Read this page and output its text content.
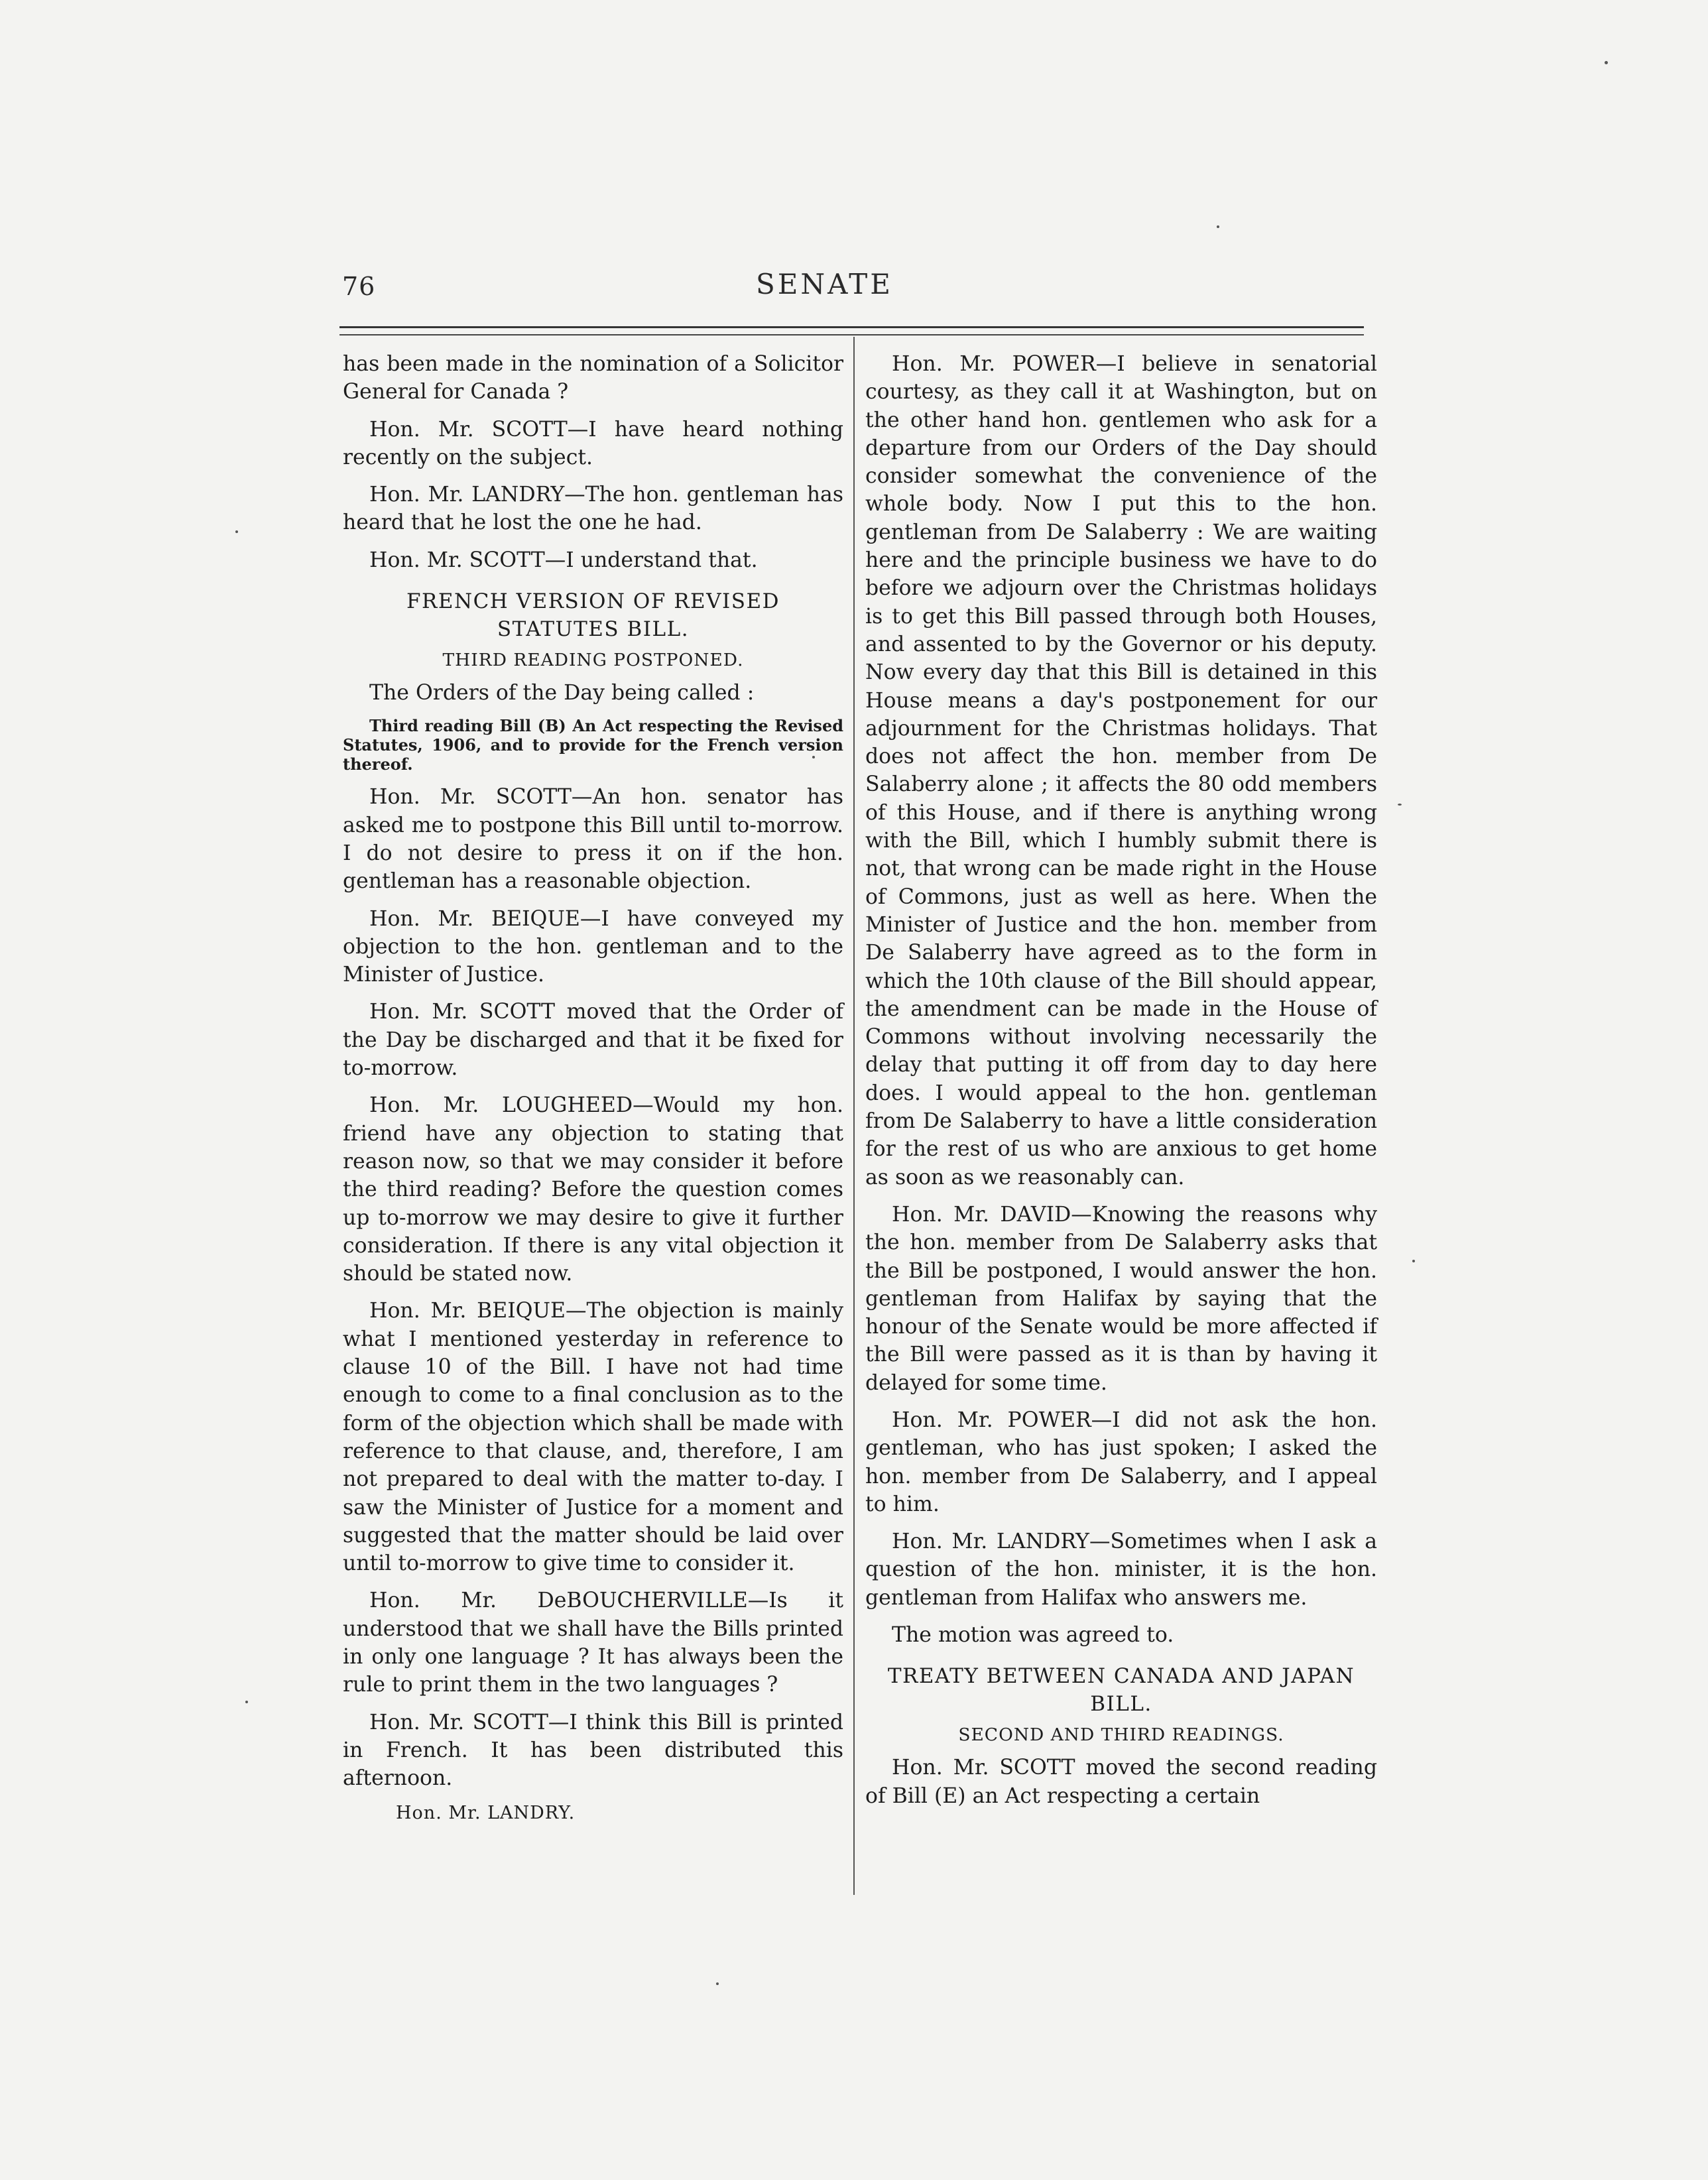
76	SENATE

has been made in the nomination of a Solicitor General for Canada ?

Hon. Mr. SCOTT—I have heard nothing recently on the subject.

Hon. Mr. LANDRY—The hon. gentleman has heard that he lost the one he had.

Hon. Mr. SCOTT—I understand that.

FRENCH VERSION OF REVISED STATUTES BILL.
THIRD READING POSTPONED.

The Orders of the Day being called :

Third reading Bill (B) An Act respecting the Revised Statutes, 1906, and to provide for the French version thereof.

Hon. Mr. SCOTT—An hon. senator has asked me to postpone this Bill until to-morrow. I do not desire to press it on if the hon. gentleman has a reasonable objection.

Hon. Mr. BEIQUE—I have conveyed my objection to the hon. gentleman and to the Minister of Justice.

Hon. Mr. SCOTT moved that the Order of the Day be discharged and that it be fixed for to-morrow.

Hon. Mr. LOUGHEED—Would my hon. friend have any objection to stating that reason now, so that we may consider it before the third reading? Before the question comes up to-morrow we may desire to give it further consideration. If there is any vital objection it should be stated now.

Hon. Mr. BEIQUE—The objection is mainly what I mentioned yesterday in reference to clause 10 of the Bill. I have not had time enough to come to a final conclusion as to the form of the objection which shall be made with reference to that clause, and, therefore, I am not prepared to deal with the matter to-day. I saw the Minister of Justice for a moment and suggested that the matter should be laid over until to-morrow to give time to consider it.

Hon. Mr. DeBOUCHERVILLE—Is it understood that we shall have the Bills printed in only one language ? It has always been the rule to print them in the two languages ?

Hon. Mr. SCOTT—I think this Bill is printed in French. It has been distributed this afternoon.

Hon. Mr. LANDRY.

Hon. Mr. POWER—I believe in senatorial courtesy, as they call it at Washington, but on the other hand hon. gentlemen who ask for a departure from our Orders of the Day should consider somewhat the convenience of the whole body. Now I put this to the hon. gentleman from De Salaberry : We are waiting here and the principle business we have to do before we adjourn over the Christmas holidays is to get this Bill passed through both Houses, and assented to by the Governor or his deputy. Now every day that this Bill is detained in this House means a day's postponement for our adjournment for the Christmas holidays. That does not affect the hon. member from De Salaberry alone ; it affects the 80 odd members of this House, and if there is anything wrong with the Bill, which I humbly submit there is not, that wrong can be made right in the House of Commons, just as well as here. When the Minister of Justice and the hon. member from De Salaberry have agreed as to the form in which the 10th clause of the Bill should appear, the amendment can be made in the House of Commons without involving necessarily the delay that putting it off from day to day here does. I would appeal to the hon. gentleman from De Salaberry to have a little consideration for the rest of us who are anxious to get home as soon as we reasonably can.

Hon. Mr. DAVID—Knowing the reasons why the hon. member from De Salaberry asks that the Bill be postponed, I would answer the hon. gentleman from Halifax by saying that the honour of the Senate would be more affected if the Bill were passed as it is than by having it delayed for some time.

Hon. Mr. POWER—I did not ask the hon. gentleman, who has just spoken; I asked the hon. member from De Salaberry, and I appeal to him.

Hon. Mr. LANDRY—Sometimes when I ask a question of the hon. minister, it is the hon. gentleman from Halifax who answers me.

The motion was agreed to.

TREATY BETWEEN CANADA AND JAPAN BILL.
SECOND AND THIRD READINGS.

Hon. Mr. SCOTT moved the second reading of Bill (E) an Act respecting a certain
